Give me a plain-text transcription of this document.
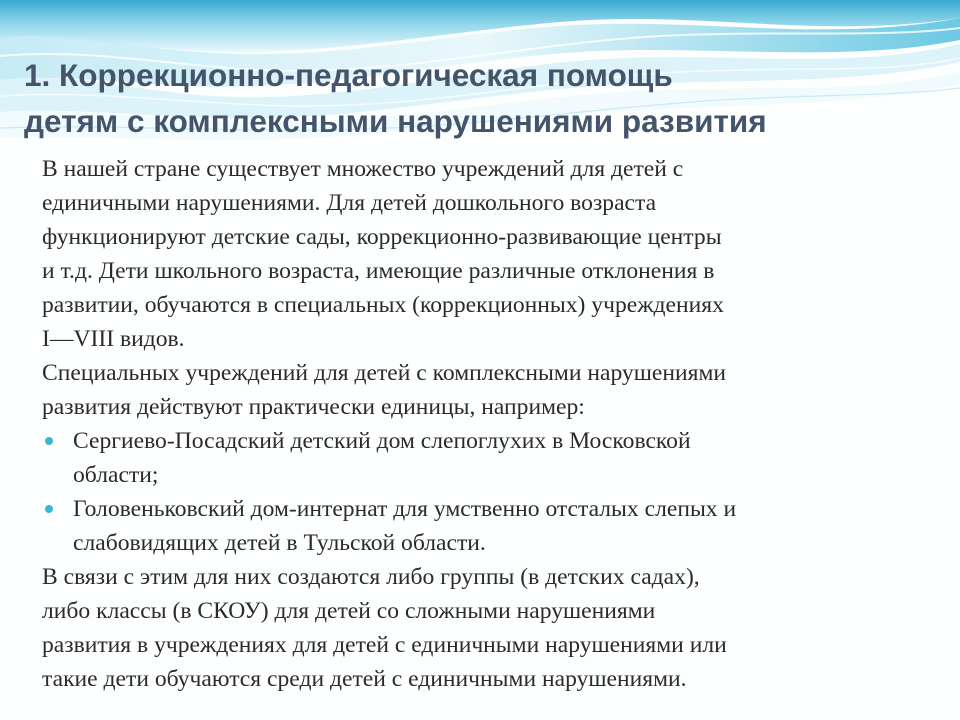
1. Коррекционно-педагогическая помощь
детям с комплексными нарушениями развития
В нашей стране существует множество учреждений для детей с
единичными нарушениями. Для детей дошкольного возраста
функционируют детские сады, коррекционно-развивающие центры
и т.д. Дети школьного возраста, имеющие различные отклонения в
развитии, обучаются в специальных (коррекционных) учреждениях
I—VIII видов.
Специальных учреждений для детей с комплексными нарушениями
развития действуют практически единицы, например:
Сергиево-Посадский детский дом слепоглухих в Московской
области;
Головеньковский дом-интернат для умственно отсталых слепых и
слабовидящих детей в Тульской области.
В связи с этим для них создаются либо группы (в детских садах),
либо классы (в СКОУ) для детей со сложными нарушениями
развития в учреждениях для детей с единичными нарушениями или
такие дети обучаются среди детей с единичными нарушениями.
